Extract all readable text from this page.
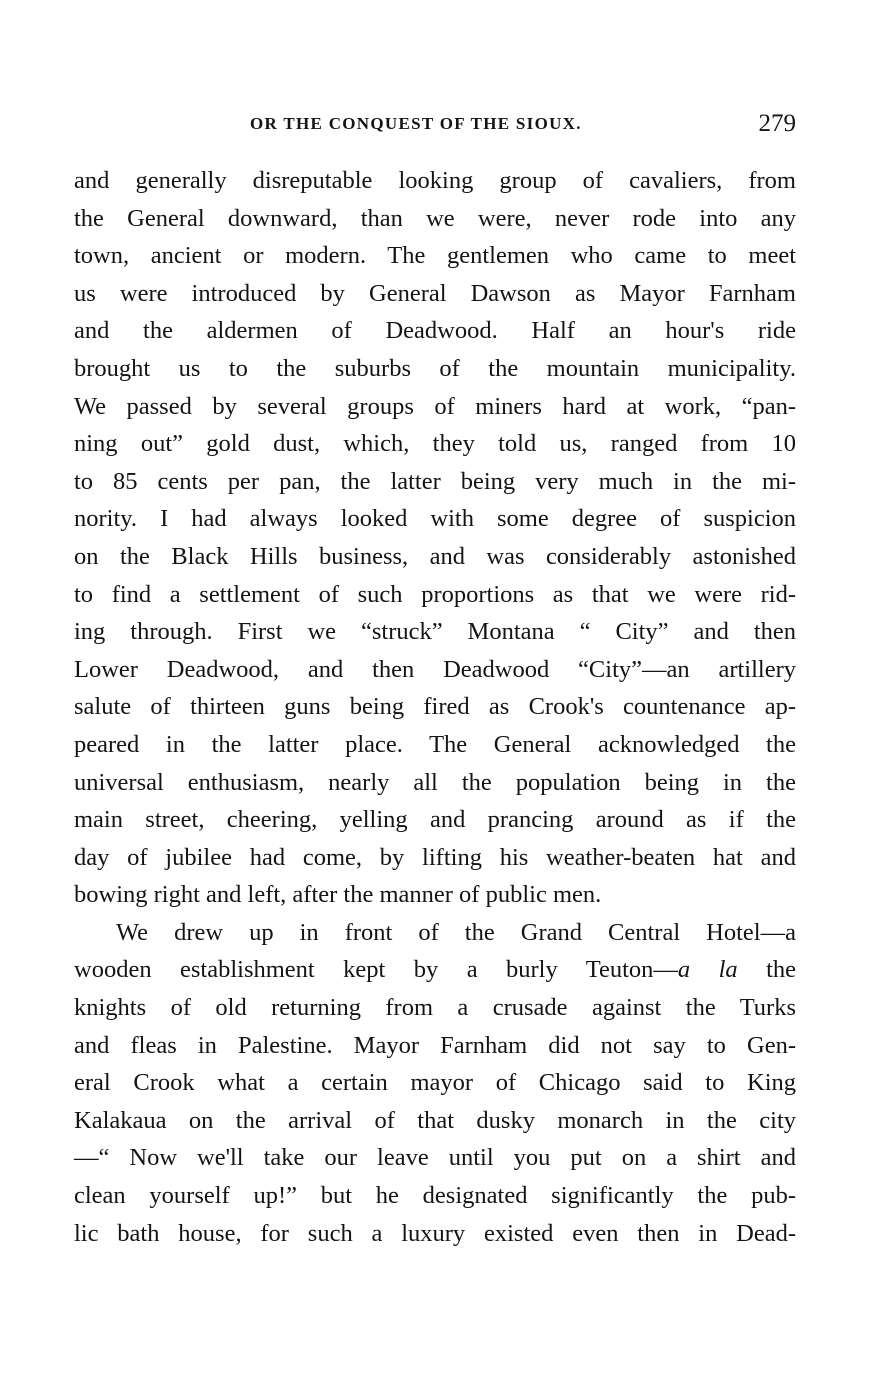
OR THE CONQUEST OF THE SIOUX.	279
and generally disreputable looking group of cavaliers, from
the General downward, than we were, never rode into any
town, ancient or modern. The gentlemen who came to meet
us were introduced by General Dawson as Mayor Farnham
and the aldermen of Deadwood. Half an hour's ride
brought us to the suburbs of the mountain municipality.
We passed by several groups of miners hard at work, “pan-
ning out” gold dust, which, they told us, ranged from 10
to 85 cents per pan, the latter being very much in the mi-
nority. I had always looked with some degree of suspicion
on the Black Hills business, and was considerably astonished
to find a settlement of such proportions as that we were rid-
ing through. First we “struck” Montana “ City” and then
Lower Deadwood, and then Deadwood “City”—an artillery
salute of thirteen guns being fired as Crook's countenance ap-
peared in the latter place. The General acknowledged the
universal enthusiasm, nearly all the population being in the
main street, cheering, yelling and prancing around as if the
day of jubilee had come, by lifting his weather-beaten hat and
bowing right and left, after the manner of public men.
We drew up in front of the Grand Central Hotel—a
wooden establishment kept by a burly Teuton—a la the
knights of old returning from a crusade against the Turks
and fleas in Palestine. Mayor Farnham did not say to Gen-
eral Crook what a certain mayor of Chicago said to King
Kalakaua on the arrival of that dusky monarch in the city
—“ Now we'll take our leave until you put on a shirt and
clean yourself up!” but he designated significantly the pub-
lic bath house, for such a luxury existed even then in Dead-
